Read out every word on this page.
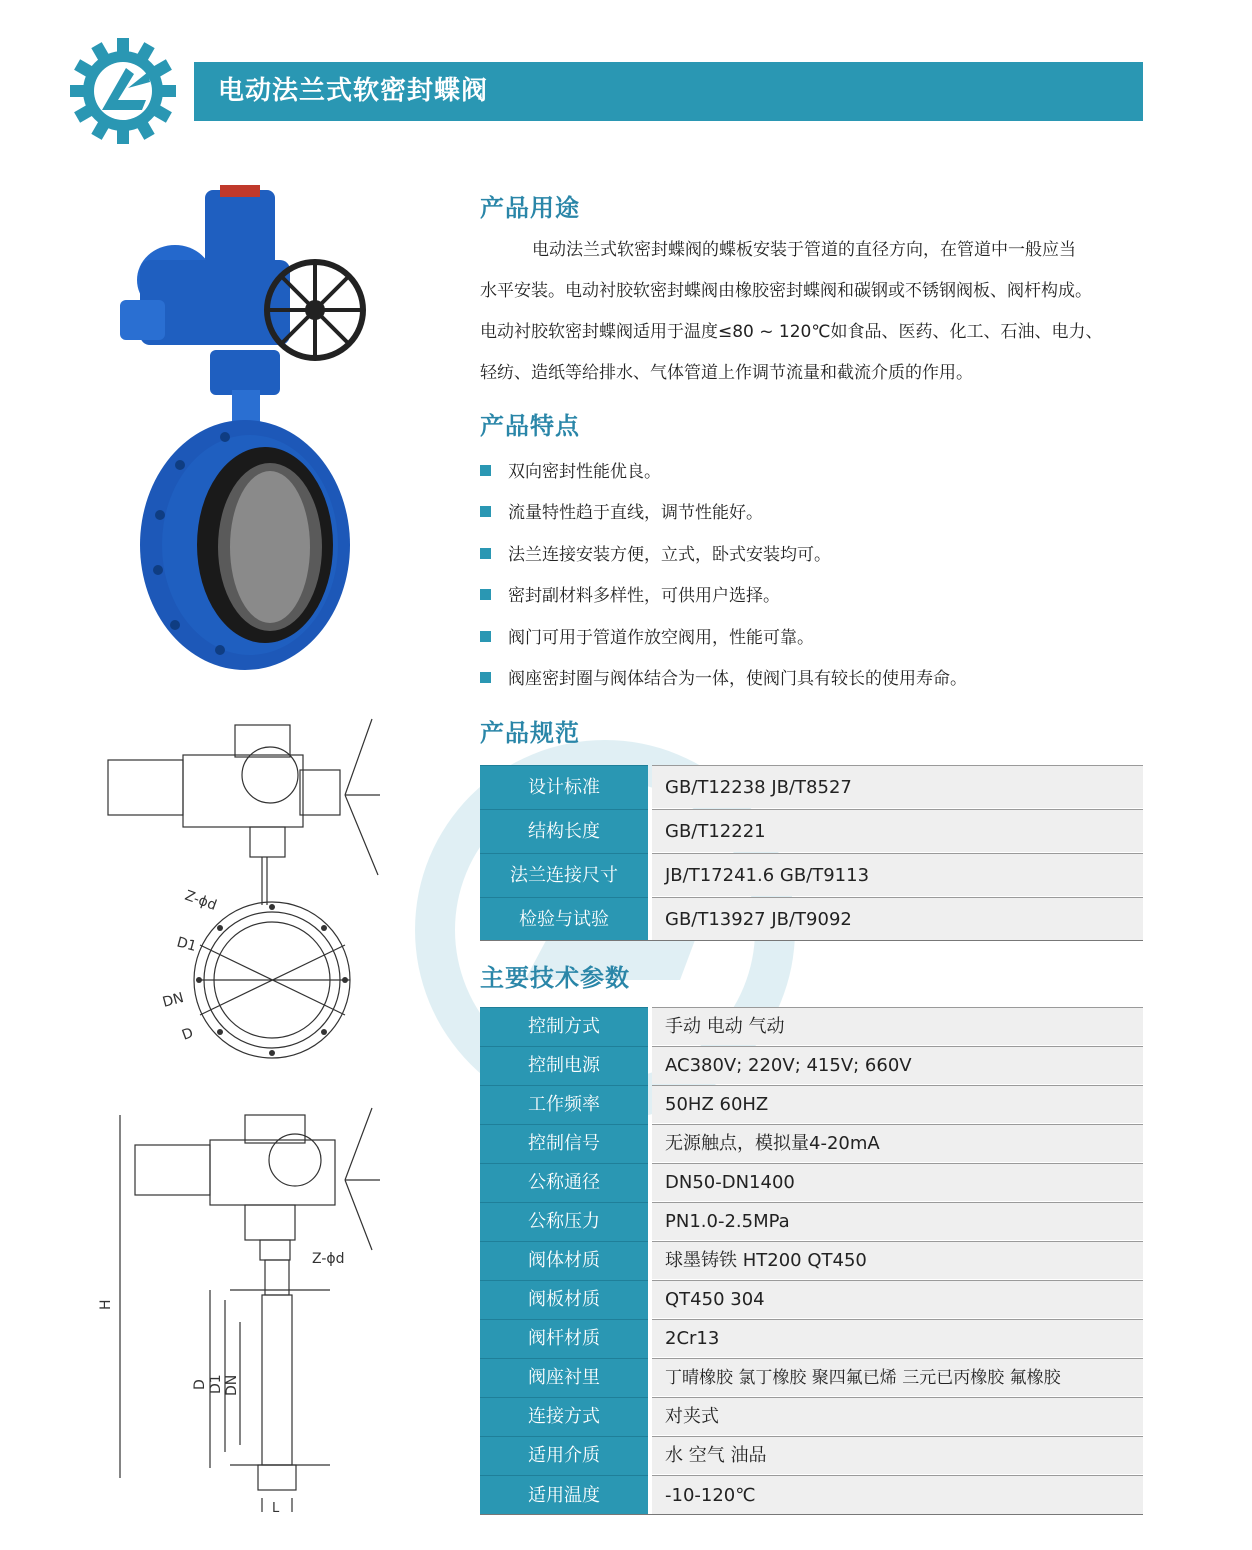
电动法兰式软密封蝶阀
Z-ϕd
D1
DN
D
H
D D1 DN
Z-ϕd
L
产品用途
电动法兰式软密封蝶阀的蝶板安装于管道的直径方向，在管道中一般应当
水平安装。电动衬胶软密封蝶阀由橡胶密封蝶阀和碳钢或不锈钢阀板、阀杆构成。
电动衬胶软密封蝶阀适用于温度≤80 ~ 120℃如食品、医药、化工、石油、电力、
轻纺、造纸等给排水、气体管道上作调节流量和截流介质的作用。
产品特点
双向密封性能优良。
流量特性趋于直线，调节性能好。
法兰连接安装方便，立式，卧式安装均可。
密封副材料多样性，可供用户选择。
阀门可用于管道作放空阀用，性能可靠。
阀座密封圈与阀体结合为一体，使阀门具有较长的使用寿命。
产品规范
设计标准	GB/T12238 JB/T8527
结构长度	GB/T12221
法兰连接尺寸	JB/T17241.6 GB/T9113
检验与试验	GB/T13927 JB/T9092
主要技术参数
控制方式	手动 电动 气动
控制电源	AC380V; 220V; 415V; 660V
工作频率	50HZ 60HZ
控制信号	无源触点，模拟量4-20mA
公称通径	DN50-DN1400
公称压力	PN1.0-2.5MPa
阀体材质	球墨铸铁 HT200 QT450
阀板材质	QT450 304
阀杆材质	2Cr13
阀座衬里	丁晴橡胶 氯丁橡胶 聚四氟已烯 三元已丙橡胶 氟橡胶
连接方式	对夹式
适用介质	水 空气 油品
适用温度	-10-120℃
